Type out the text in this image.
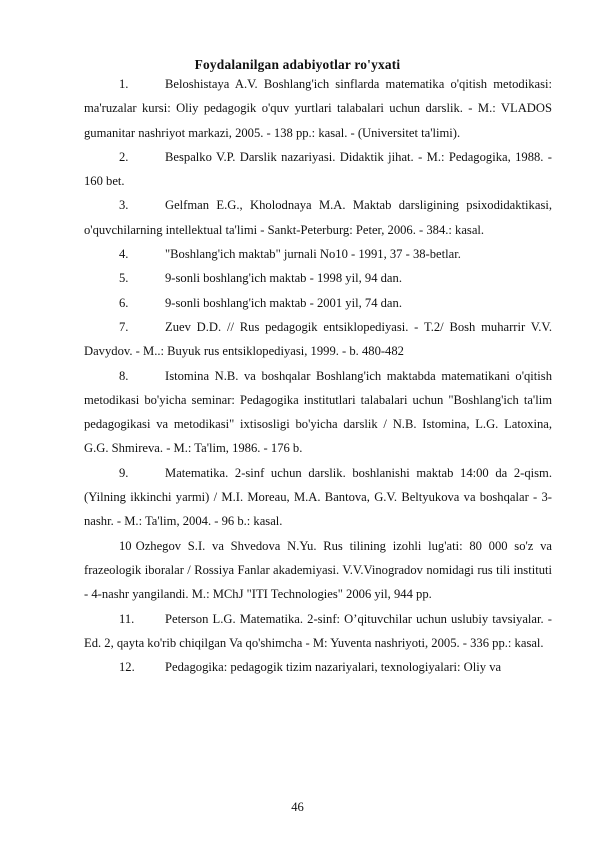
Foydalanilgan adabiyotlar ro'yxati

1.	Beloshistaya A.V. Boshlang'ich sinflarda matematika o'qitish metodikasi: ma'ruzalar kursi: Oliy pedagogik o'quv yurtlari talabalari uchun darslik. - M.: VLADOS gumanitar nashriyot markazi, 2005. - 138 pp.: kasal. - (Universitet ta'limi).

2.	Bespalko V.P. Darslik nazariyasi. Didaktik jihat. - M.: Pedagogika, 1988. - 160 bet.

3.	Gelfman E.G., Kholodnaya M.A. Maktab darsligining psixodidaktikasi, o'quvchilarning intellektual ta'limi - Sankt-Peterburg: Peter, 2006. - 384.: kasal.

4.	"Boshlang'ich maktab" jurnali No10 - 1991, 37 - 38-betlar.

5.	9-sonli boshlang'ich maktab - 1998 yil, 94 dan.

6.	9-sonli boshlang'ich maktab - 2001 yil, 74 dan.

7.	Zuev D.D. // Rus pedagogik entsiklopediyasi. - T.2/ Bosh muharrir V.V. Davydov. - M..: Buyuk rus entsiklopediyasi, 1999. - b. 480-482

8.	Istomina N.B. va boshqalar Boshlang'ich maktabda matematikani o'qitish metodikasi bo'yicha seminar: Pedagogika institutlari talabalari uchun "Boshlang'ich ta'lim pedagogikasi va metodikasi" ixtisosligi bo'yicha darslik / N.B. Istomina, L.G. Latoxina, G.G. Shmireva. - M.: Ta'lim, 1986. - 176 b.

9.	Matematika. 2-sinf uchun darslik. boshlanishi maktab 14:00 da 2-qism. (Yilning ikkinchi yarmi) / M.I. Moreau, M.A. Bantova, G.V. Beltyukova va boshqalar - 3-nashr. - M.: Ta'lim, 2004. - 96 b.: kasal.

10 Ozhegov S.I. va Shvedova N.Yu. Rus tilining izohli lug'ati: 80 000 so'z va frazeologik iboralar / Rossiya Fanlar akademiyasi. V.V.Vinogradov nomidagi rus tili instituti - 4-nashr yangilandi. M.: MChJ "ITI Technologies" 2006 yil, 944 pp.

11. Peterson L.G. Matematika. 2-sinf: O’qituvchilar uchun uslubiy tavsiyalar. - Ed. 2, qayta ko'rib chiqilgan Va qo'shimcha - M: Yuventa nashriyoti, 2005. - 336 pp.: kasal.

12. Pedagogika: pedagogik tizim nazariyalari, texnologiyalari: Oliy va

46
